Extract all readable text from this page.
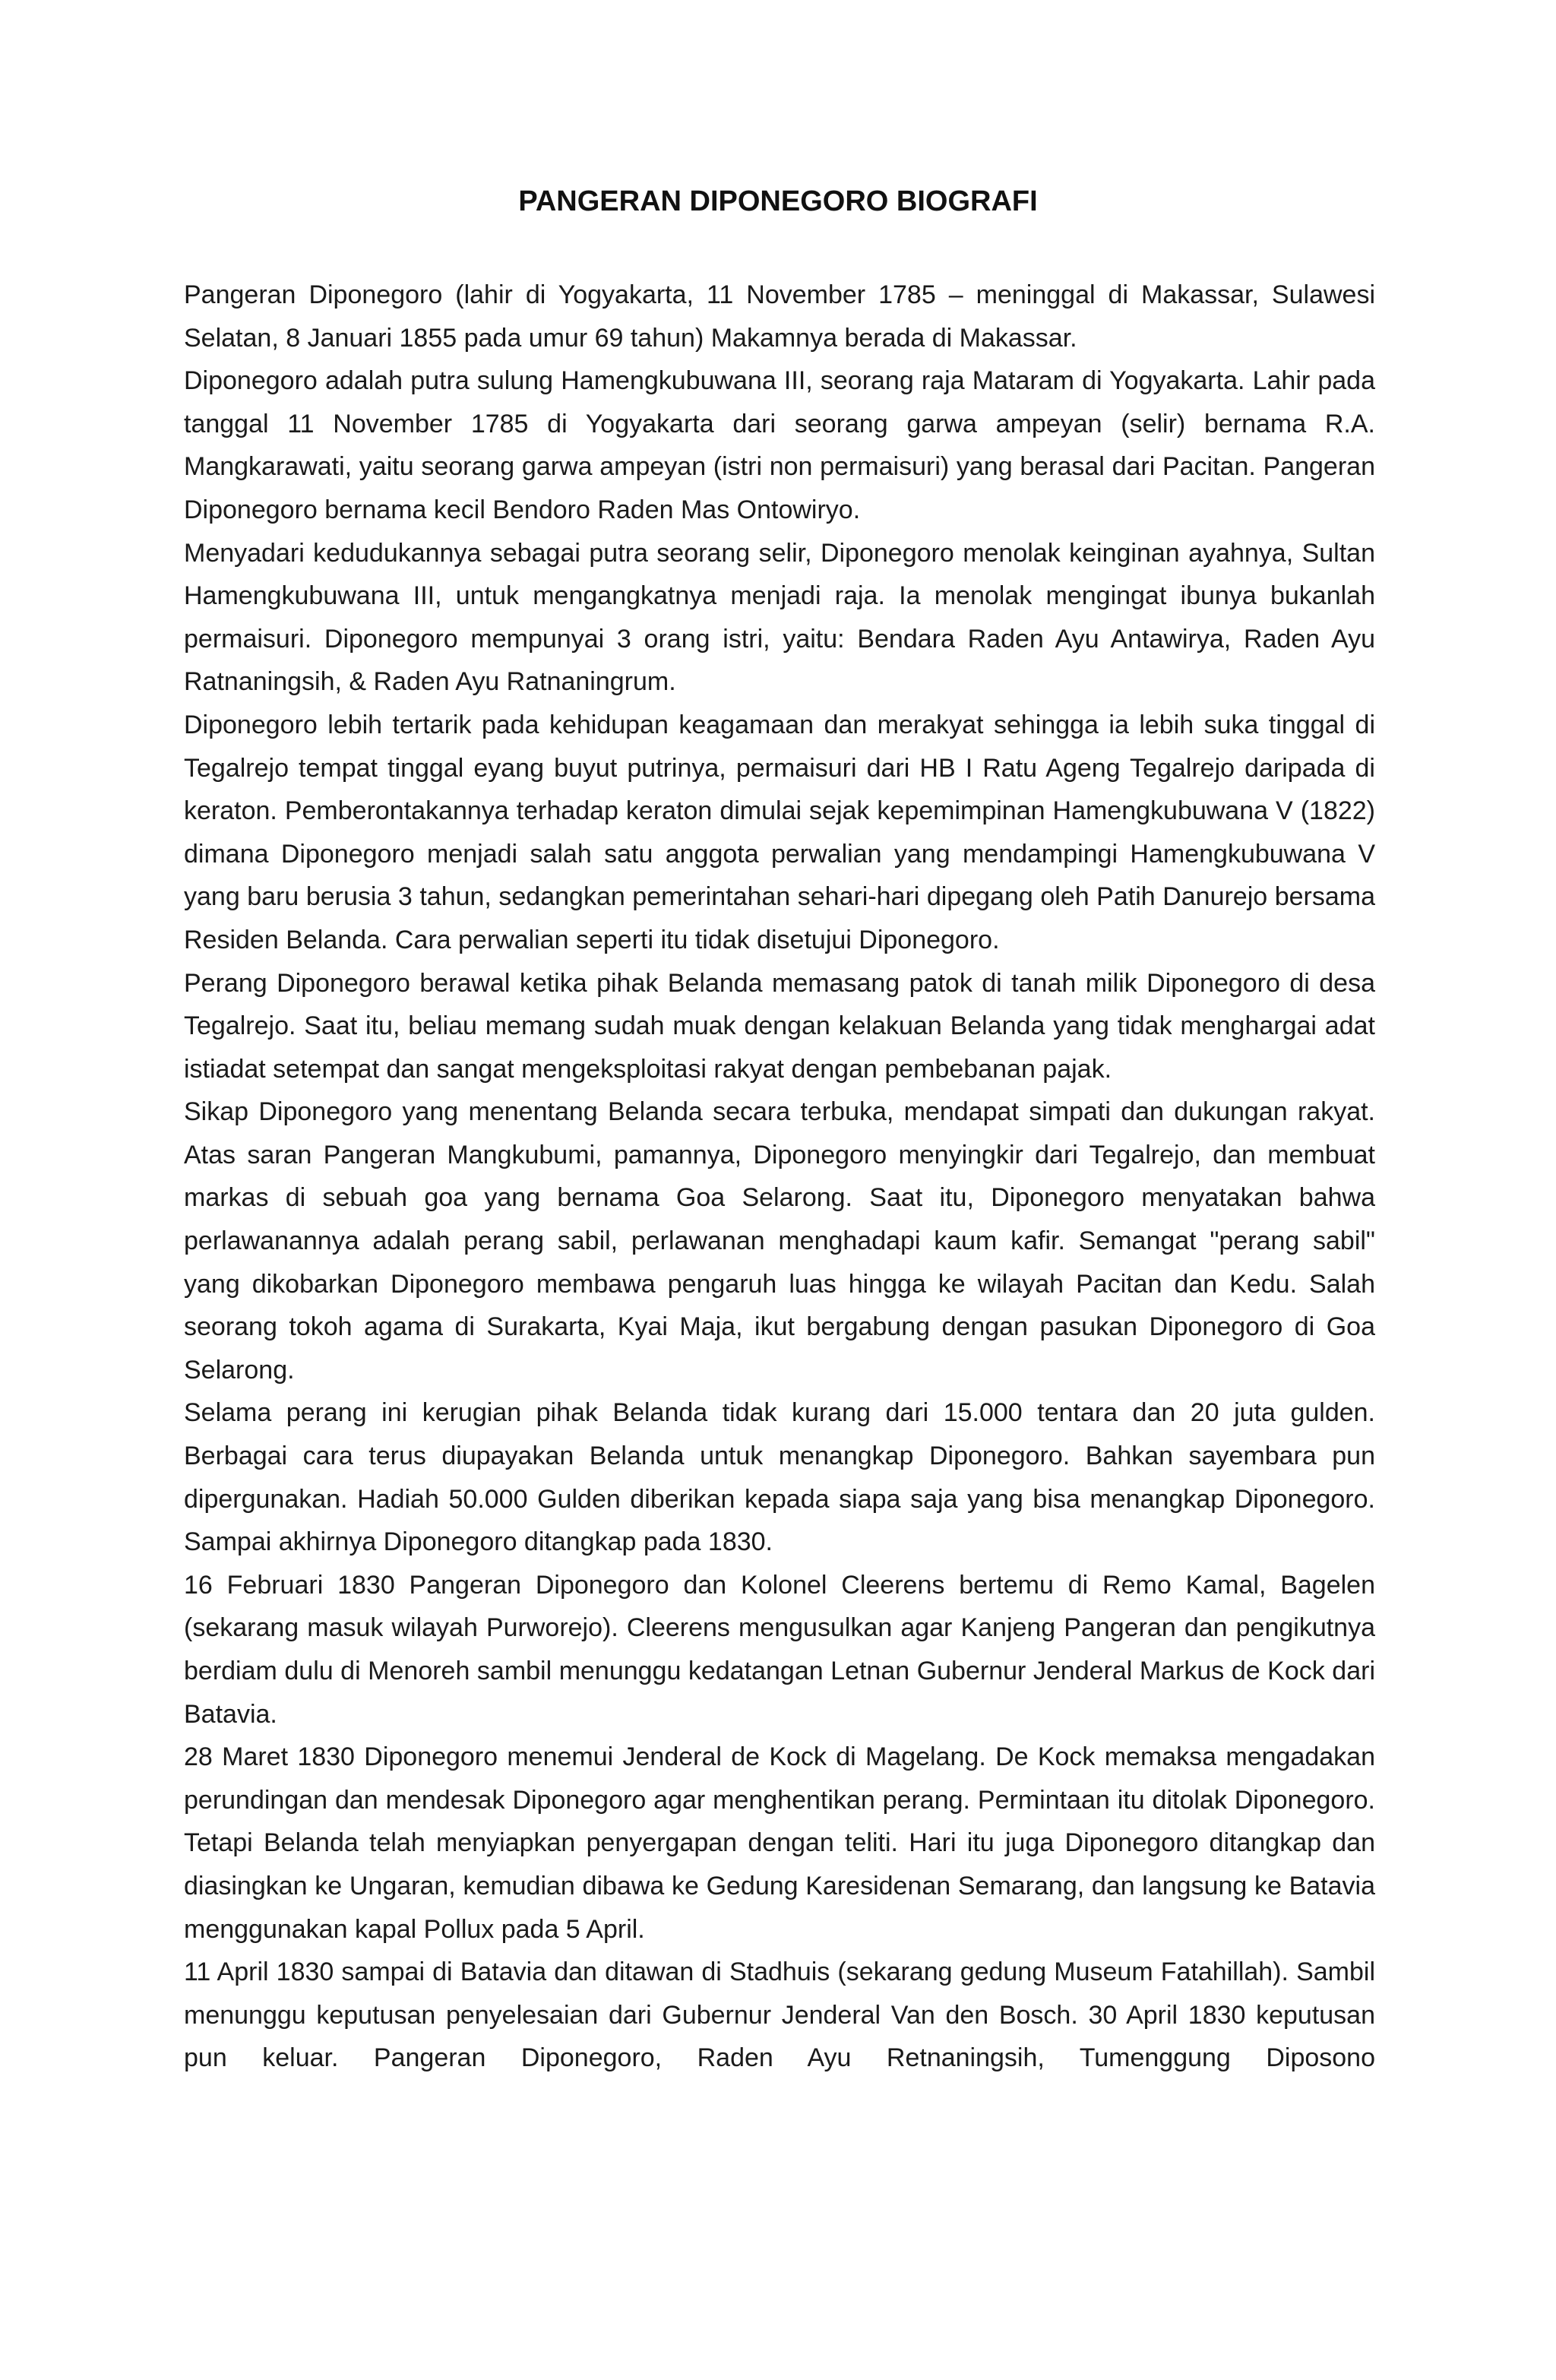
PANGERAN DIPONEGORO BIOGRAFI

Pangeran Diponegoro (lahir di Yogyakarta, 11 November 1785 – meninggal di Makassar, Sulawesi Selatan, 8 Januari 1855 pada umur 69 tahun) Makamnya berada di Makassar.

Diponegoro adalah putra sulung Hamengkubuwana III, seorang raja Mataram di Yogyakarta. Lahir pada tanggal 11 November 1785 di Yogyakarta dari seorang garwa ampeyan (selir) bernama R.A. Mangkarawati, yaitu seorang garwa ampeyan (istri non permaisuri) yang berasal dari Pacitan. Pangeran Diponegoro bernama kecil Bendoro Raden Mas Ontowiryo.

Menyadari kedudukannya sebagai putra seorang selir, Diponegoro menolak keinginan ayahnya, Sultan Hamengkubuwana III, untuk mengangkatnya menjadi raja. Ia menolak mengingat ibunya bukanlah permaisuri. Diponegoro mempunyai 3 orang istri, yaitu: Bendara Raden Ayu Antawirya, Raden Ayu Ratnaningsih, & Raden Ayu Ratnaningrum.

Diponegoro lebih tertarik pada kehidupan keagamaan dan merakyat sehingga ia lebih suka tinggal di Tegalrejo tempat tinggal eyang buyut putrinya, permaisuri dari HB I Ratu Ageng Tegalrejo daripada di keraton. Pemberontakannya terhadap keraton dimulai sejak kepemimpinan Hamengkubuwana V (1822) dimana Diponegoro menjadi salah satu anggota perwalian yang mendampingi Hamengkubuwana V yang baru berusia 3 tahun, sedangkan pemerintahan sehari-hari dipegang oleh Patih Danurejo bersama Residen Belanda. Cara perwalian seperti itu tidak disetujui Diponegoro.

Perang Diponegoro berawal ketika pihak Belanda memasang patok di tanah milik Diponegoro di desa Tegalrejo. Saat itu, beliau memang sudah muak dengan kelakuan Belanda yang tidak menghargai adat istiadat setempat dan sangat mengeksploitasi rakyat dengan pembebanan pajak.

Sikap Diponegoro yang menentang Belanda secara terbuka, mendapat simpati dan dukungan rakyat. Atas saran Pangeran Mangkubumi, pamannya, Diponegoro menyingkir dari Tegalrejo, dan membuat markas di sebuah goa yang bernama Goa Selarong. Saat itu, Diponegoro menyatakan bahwa perlawanannya adalah perang sabil, perlawanan menghadapi kaum kafir. Semangat "perang sabil" yang dikobarkan Diponegoro membawa pengaruh luas hingga ke wilayah Pacitan dan Kedu. Salah seorang tokoh agama di Surakarta, Kyai Maja, ikut bergabung dengan pasukan Diponegoro di Goa Selarong.

Selama perang ini kerugian pihak Belanda tidak kurang dari 15.000 tentara dan 20 juta gulden. Berbagai cara terus diupayakan Belanda untuk menangkap Diponegoro. Bahkan sayembara pun dipergunakan. Hadiah 50.000 Gulden diberikan kepada siapa saja yang bisa menangkap Diponegoro. Sampai akhirnya Diponegoro ditangkap pada 1830.

16 Februari 1830 Pangeran Diponegoro dan Kolonel Cleerens bertemu di Remo Kamal, Bagelen (sekarang masuk wilayah Purworejo). Cleerens mengusulkan agar Kanjeng Pangeran dan pengikutnya berdiam dulu di Menoreh sambil menunggu kedatangan Letnan Gubernur Jenderal Markus de Kock dari Batavia.

28 Maret 1830 Diponegoro menemui Jenderal de Kock di Magelang. De Kock memaksa mengadakan perundingan dan mendesak Diponegoro agar menghentikan perang. Permintaan itu ditolak Diponegoro. Tetapi Belanda telah menyiapkan penyergapan dengan teliti. Hari itu juga Diponegoro ditangkap dan diasingkan ke Ungaran, kemudian dibawa ke Gedung Karesidenan Semarang, dan langsung ke Batavia menggunakan kapal Pollux pada 5 April.

11 April 1830 sampai di Batavia dan ditawan di Stadhuis (sekarang gedung Museum Fatahillah). Sambil menunggu keputusan penyelesaian dari Gubernur Jenderal Van den Bosch. 30 April 1830 keputusan pun keluar. Pangeran Diponegoro, Raden Ayu Retnaningsih, Tumenggung Diposono
